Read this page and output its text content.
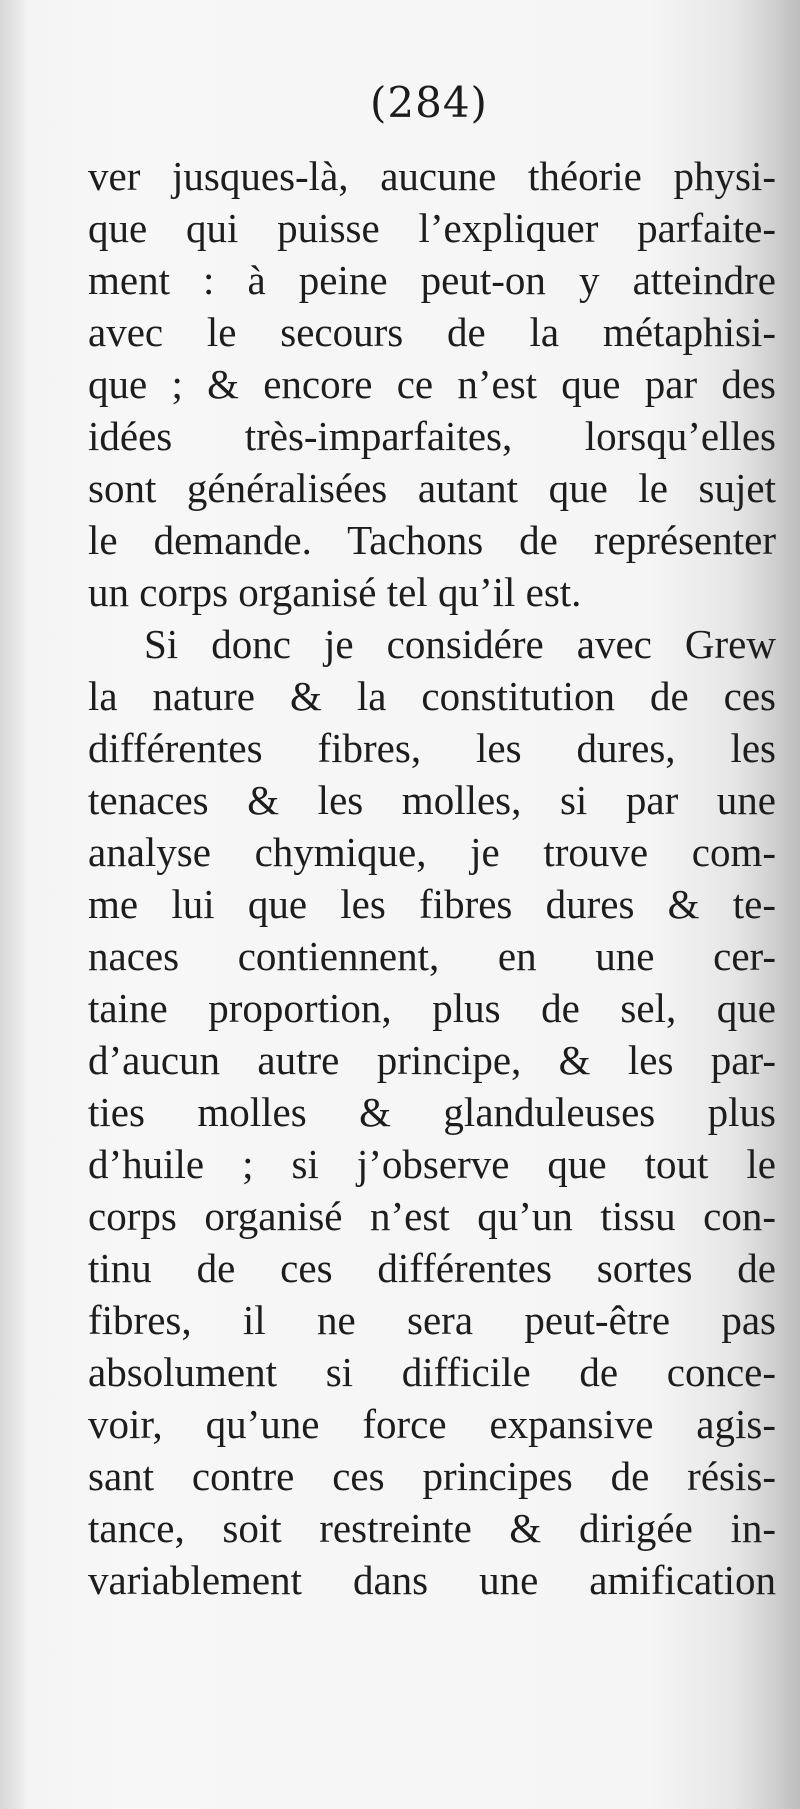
(284)
ver jusques-là, aucune théorie physi-
que qui puisse l’expliquer parfaite-
ment : à peine peut-on y atteindre
avec le secours de la métaphisi-
que ; & encore ce n’est que par des
idées très-imparfaites, lorsqu’elles
sont généralisées autant que le sujet
le demande. Tachons de représenter
un corps organisé tel qu’il est.
Si donc je considére avec Grew
la nature & la constitution de ces
différentes fibres, les dures, les
tenaces & les molles, si par une
analyse chymique, je trouve com-
me lui que les fibres dures & te-
naces contiennent, en une cer-
taine proportion, plus de sel, que
d’aucun autre principe, & les par-
ties molles & glanduleuses plus
d’huile ; si j’observe que tout le
corps organisé n’est qu’un tissu con-
tinu de ces différentes sortes de
fibres, il ne sera peut-être pas
absolument si difficile de conce-
voir, qu’une force expansive agis-
sant contre ces principes de résis-
tance, soit restreinte & dirigée in-
variablement dans une amification
